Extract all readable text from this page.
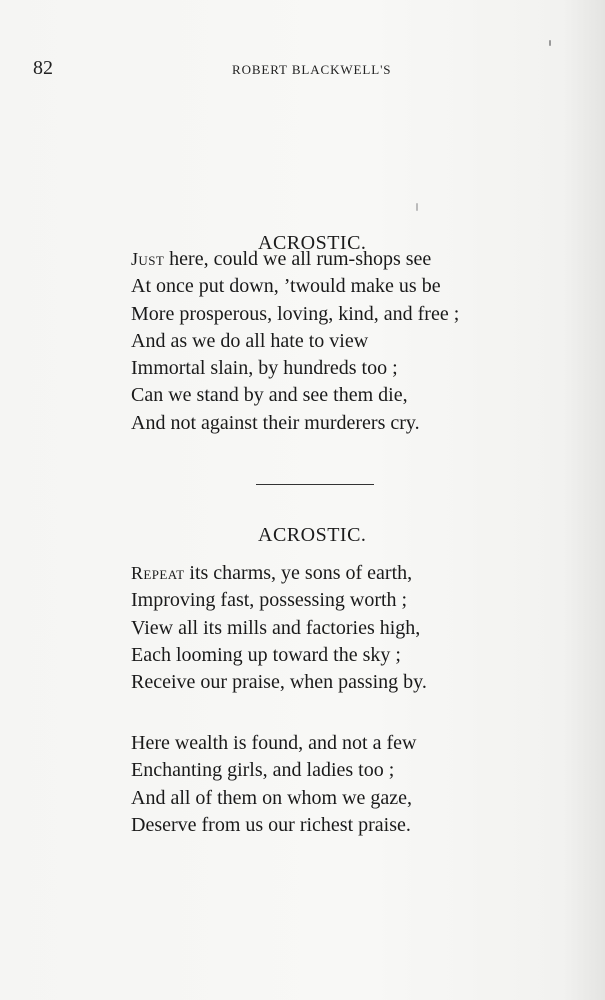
82	ROBERT BLACKWELL'S
ACROSTIC.
Just here, could we all rum-shops see
At once put down, ’twould make us be
More prosperous, loving, kind, and free ;
And as we do all hate to view
Immortal slain, by hundreds too ;
Can we stand by and see them die,
And not against their murderers cry.
ACROSTIC.
Repeat its charms, ye sons of earth,
Improving fast, possessing worth ;
View all its mills and factories high,
Each looming up toward the sky ;
Receive our praise, when passing by.
Here wealth is found, and not a few
Enchanting girls, and ladies too ;
And all of them on whom we gaze,
Deserve from us our richest praise.
